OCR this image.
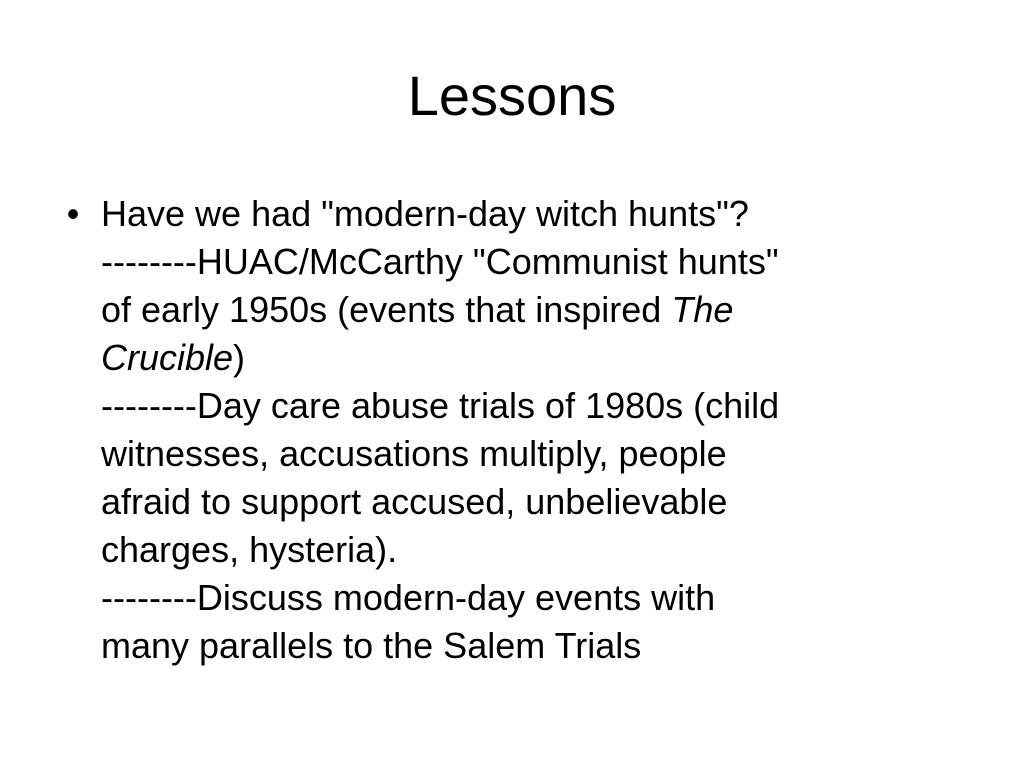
Lessons
• Have we had "modern-day witch hunts"?
--------HUAC/McCarthy "Communist hunts"
of early 1950s (events that inspired The
Crucible)
--------Day care abuse trials of 1980s (child
witnesses, accusations multiply, people
afraid to support accused, unbelievable
charges, hysteria).
--------Discuss modern-day events with
many parallels to the Salem Trials
